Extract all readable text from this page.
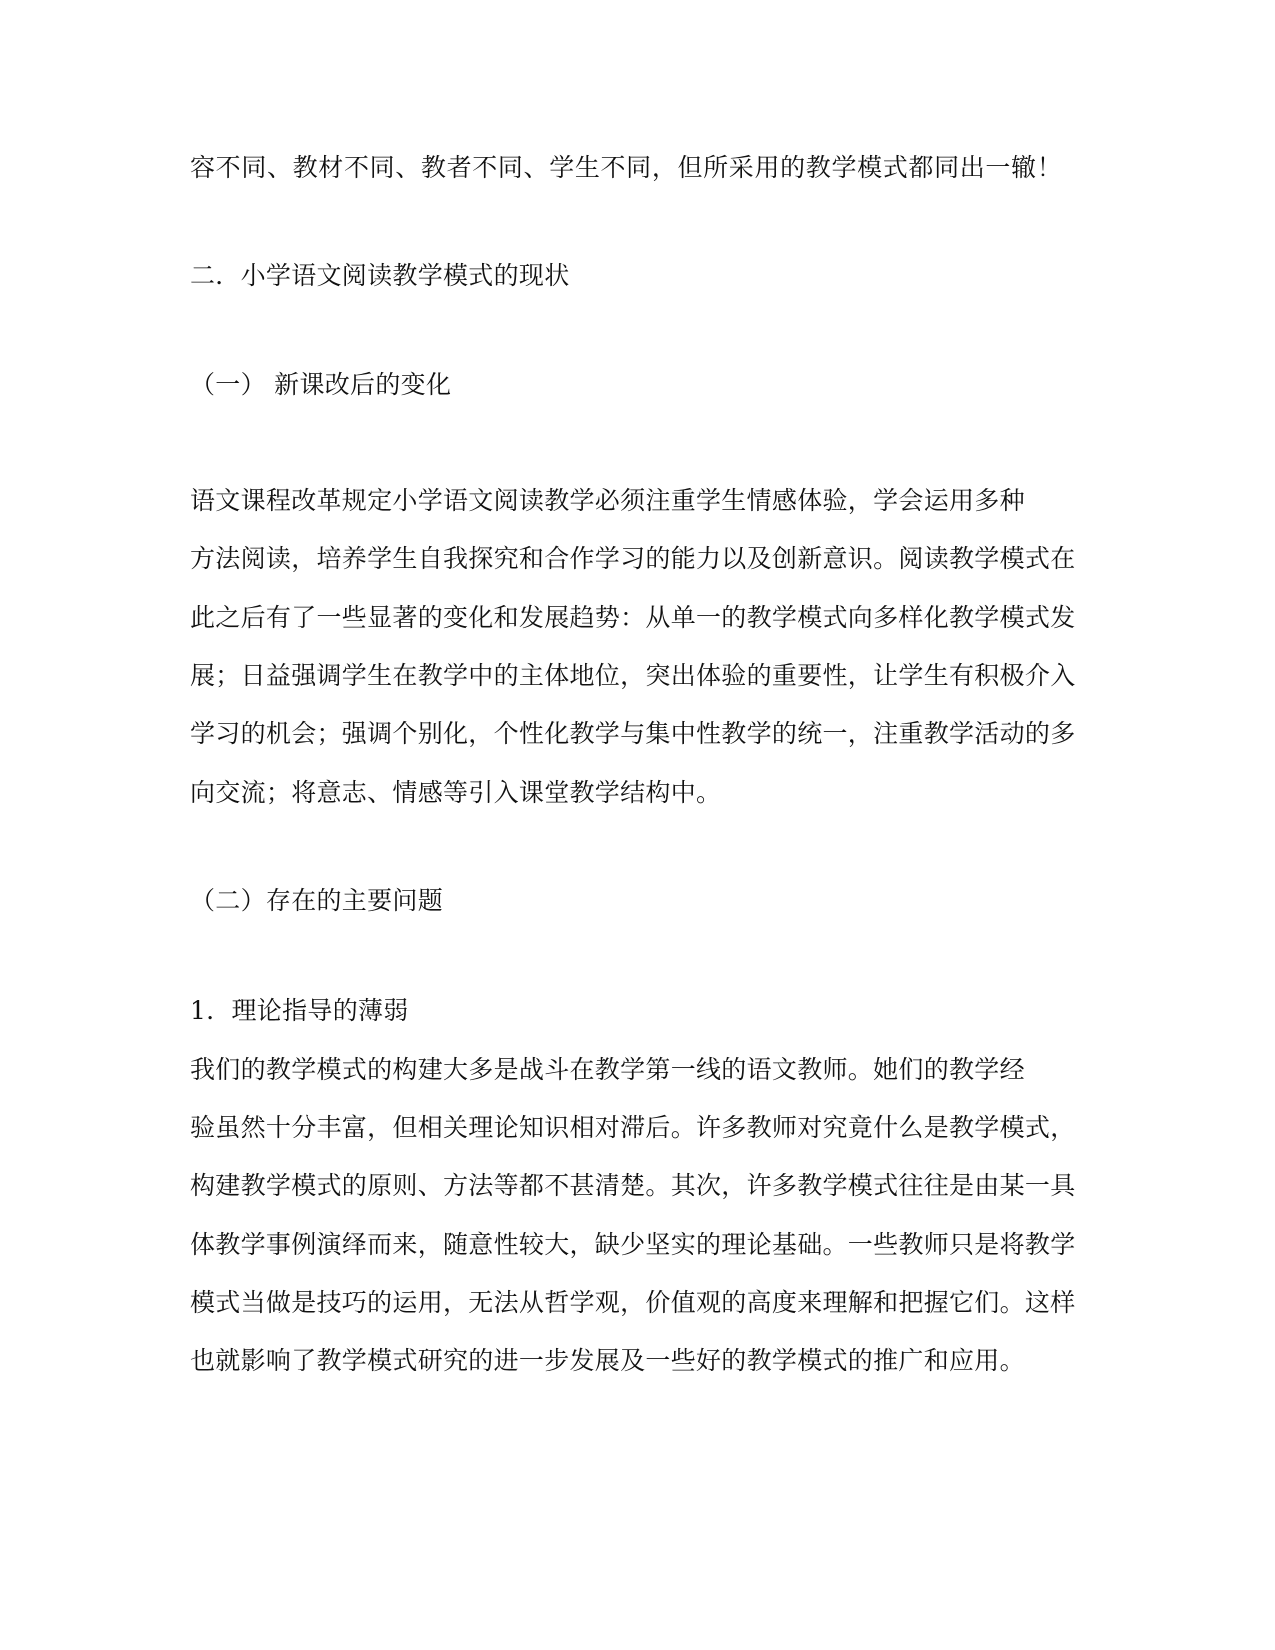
容不同、教材不同、教者不同、学生不同，但所采用的教学模式都同出一辙！
二．小学语文阅读教学模式的现状
（一） 新课改后的变化
语文课程改革规定小学语文阅读教学必须注重学生情感体验，学会运用多种
方法阅读，培养学生自我探究和合作学习的能力以及创新意识。阅读教学模式在
此之后有了一些显著的变化和发展趋势：从单一的教学模式向多样化教学模式发
展；日益强调学生在教学中的主体地位，突出体验的重要性，让学生有积极介入
学习的机会；强调个别化，个性化教学与集中性教学的统一，注重教学活动的多
向交流；将意志、情感等引入课堂教学结构中。
（二）存在的主要问题
1．理论指导的薄弱
我们的教学模式的构建大多是战斗在教学第一线的语文教师。她们的教学经
验虽然十分丰富，但相关理论知识相对滞后。许多教师对究竟什么是教学模式，
构建教学模式的原则、方法等都不甚清楚。其次，许多教学模式往往是由某一具
体教学事例演绎而来，随意性较大，缺少坚实的理论基础。一些教师只是将教学
模式当做是技巧的运用，无法从哲学观，价值观的高度来理解和把握它们。这样
也就影响了教学模式研究的进一步发展及一些好的教学模式的推广和应用。
